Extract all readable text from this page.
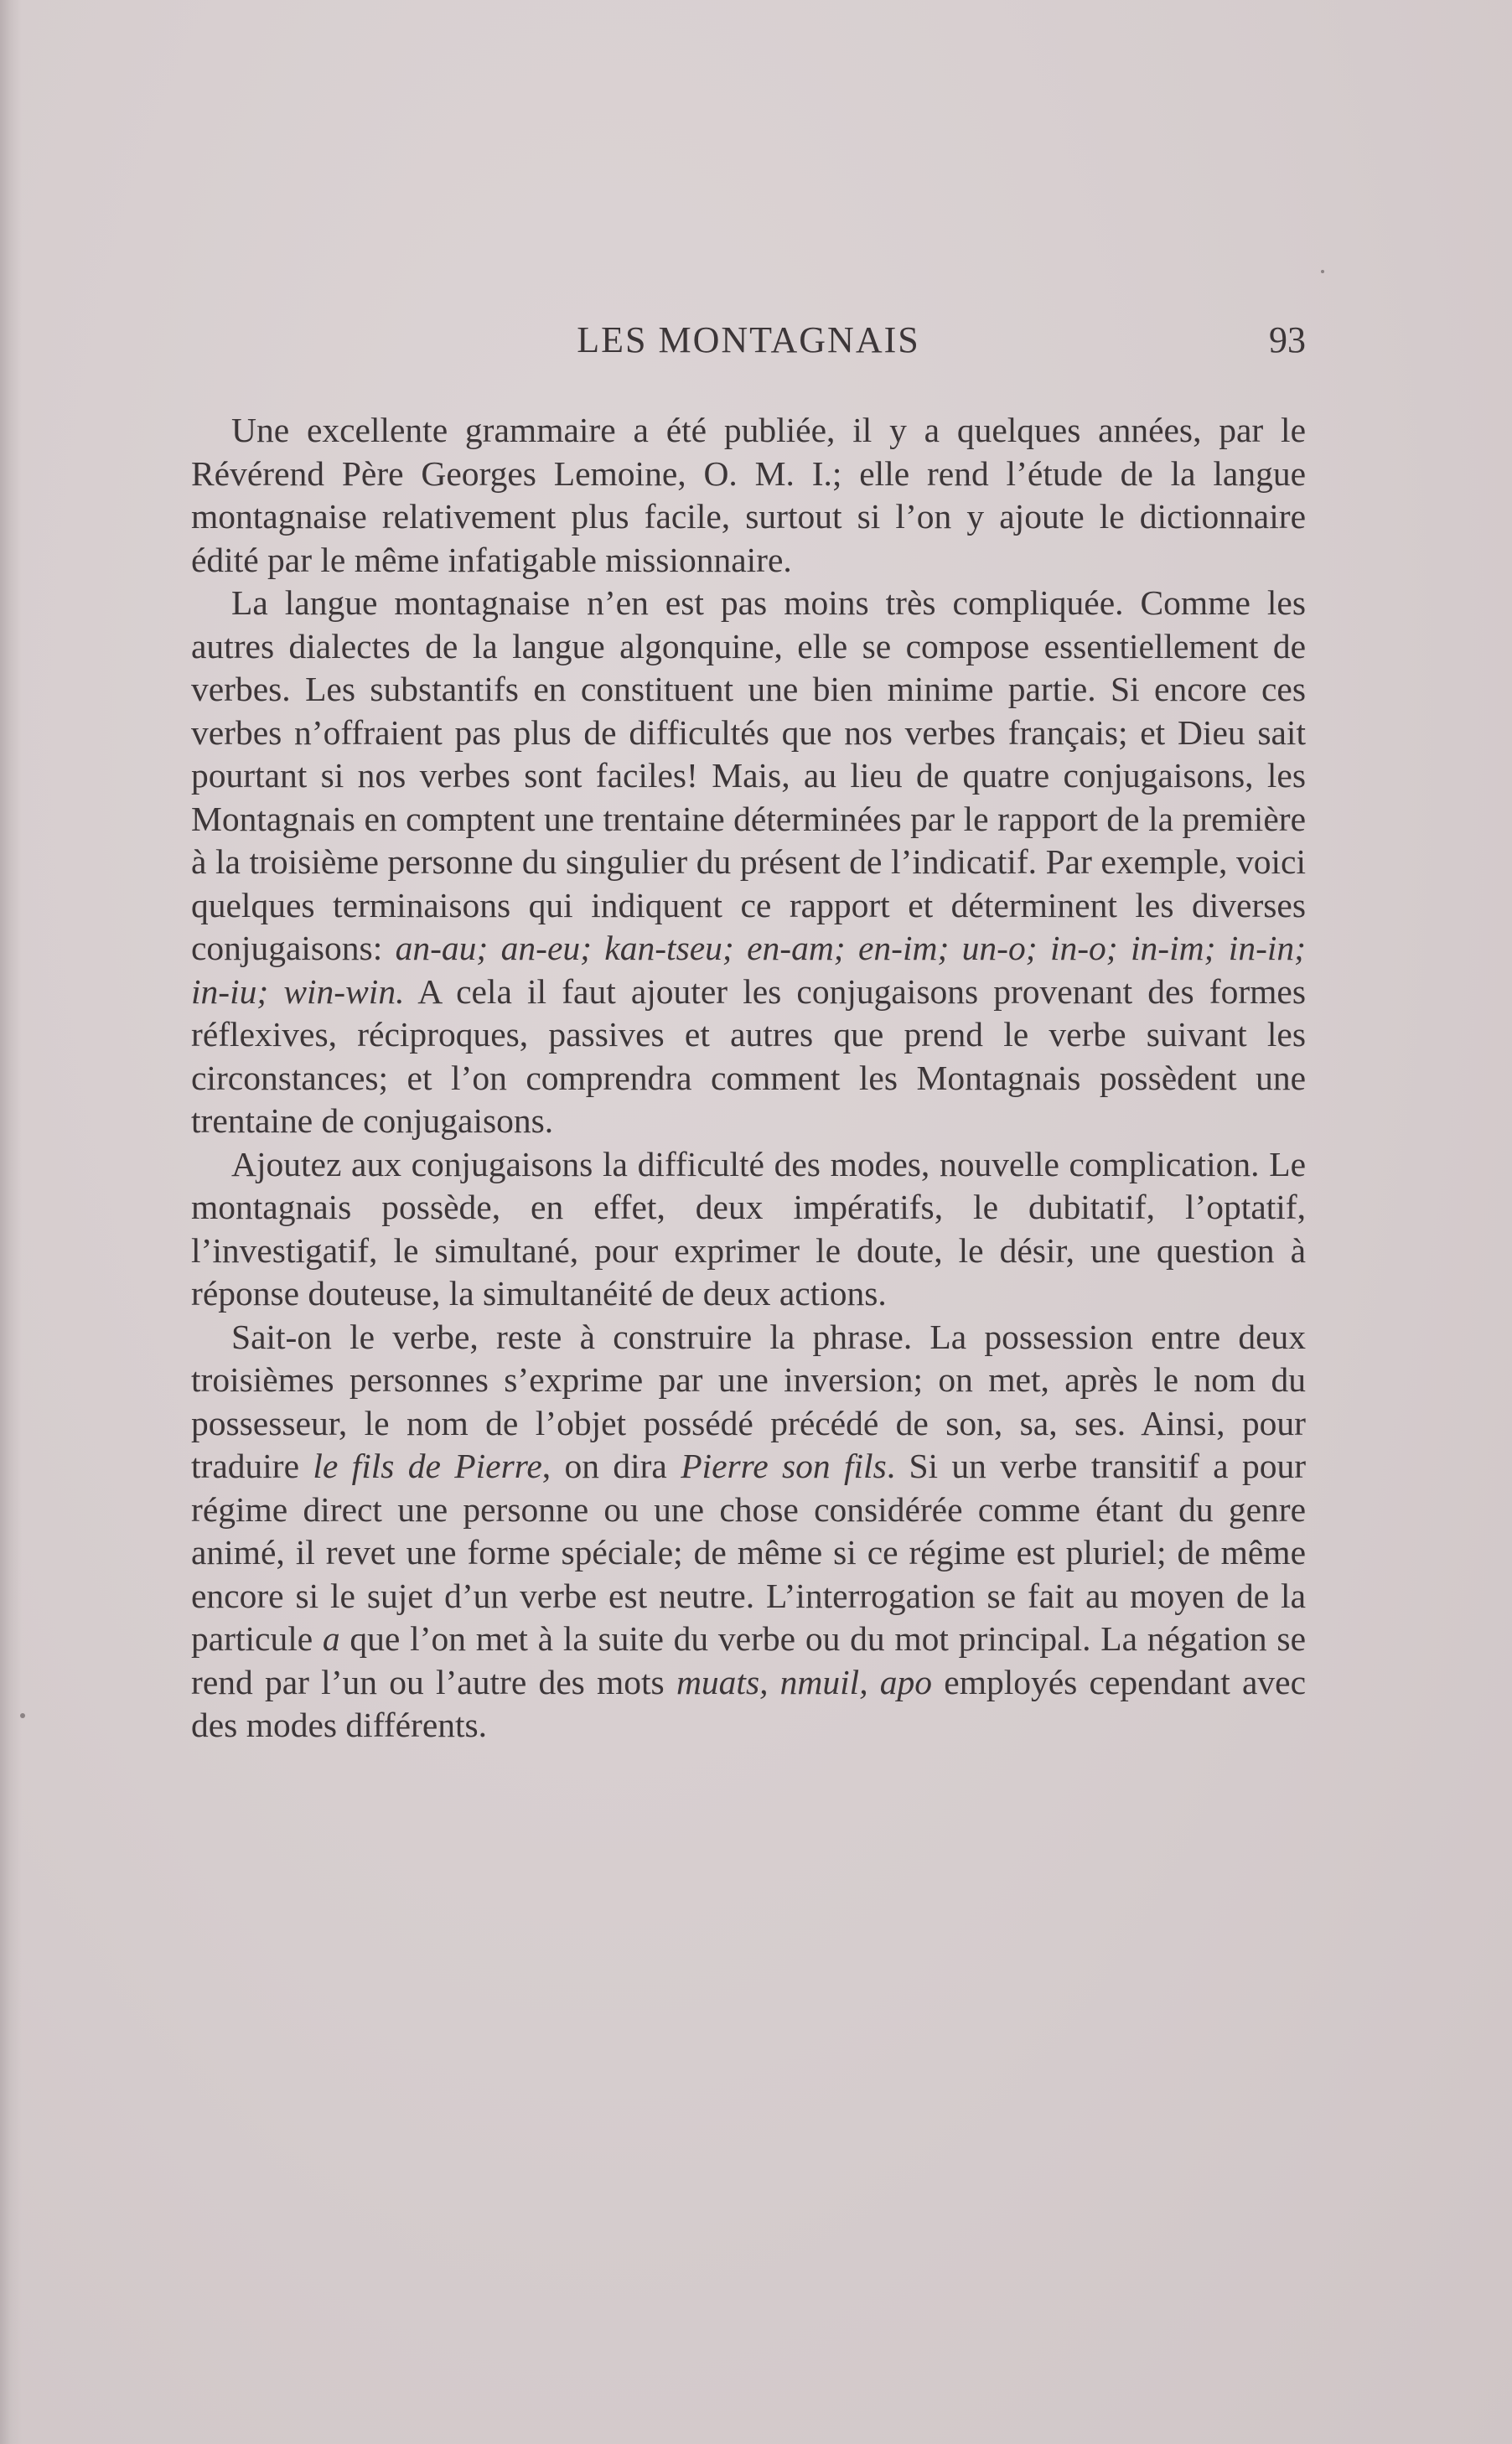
LES MONTAGNAIS	93

Une excellente grammaire a été publiée, il y a quelques années, par le Révérend Père Georges Lemoine, O. M. I.; elle rend l’étude de la langue montagnaise relativement plus facile, surtout si l’on y ajoute le dictionnaire édité par le même infatigable missionnaire.

La langue montagnaise n’en est pas moins très compliquée. Comme les autres dialectes de la langue algonquine, elle se compose essentiellement de verbes. Les substantifs en constituent une bien minime partie. Si encore ces verbes n’offraient pas plus de difficultés que nos verbes français; et Dieu sait pourtant si nos verbes sont faciles! Mais, au lieu de quatre conjugaisons, les Montagnais en comptent une trentaine déterminées par le rapport de la première à la troisième personne du singulier du présent de l’indicatif. Par exemple, voici quelques terminaisons qui indiquent ce rapport et déterminent les diverses conjugaisons: an-au; an-eu; kan-tseu; en-am; en-im; un-o; in-o; in-im; in-in; in-iu; win-win. A cela il faut ajouter les conjugaisons provenant des formes réflexives, réciproques, passives et autres que prend le verbe suivant les circonstances; et l’on comprendra comment les Montagnais possèdent une trentaine de conjugaisons.

Ajoutez aux conjugaisons la difficulté des modes, nouvelle complication. Le montagnais possède, en effet, deux impératifs, le dubitatif, l’optatif, l’investigatif, le simultané, pour exprimer le doute, le désir, une question à réponse douteuse, la simultanéité de deux actions.

Sait-on le verbe, reste à construire la phrase. La possession entre deux troisièmes personnes s’exprime par une inversion; on met, après le nom du possesseur, le nom de l’objet possédé précédé de son, sa, ses. Ainsi, pour traduire le fils de Pierre, on dira Pierre son fils. Si un verbe transitif a pour régime direct une personne ou une chose considérée comme étant du genre animé, il revet une forme spéciale; de même si ce régime est pluriel; de même encore si le sujet d’un verbe est neutre. L’interrogation se fait au moyen de la particule a que l’on met à la suite du verbe ou du mot principal. La négation se rend par l’un ou l’autre des mots muats, nmuil, apo employés cependant avec des modes différents.
